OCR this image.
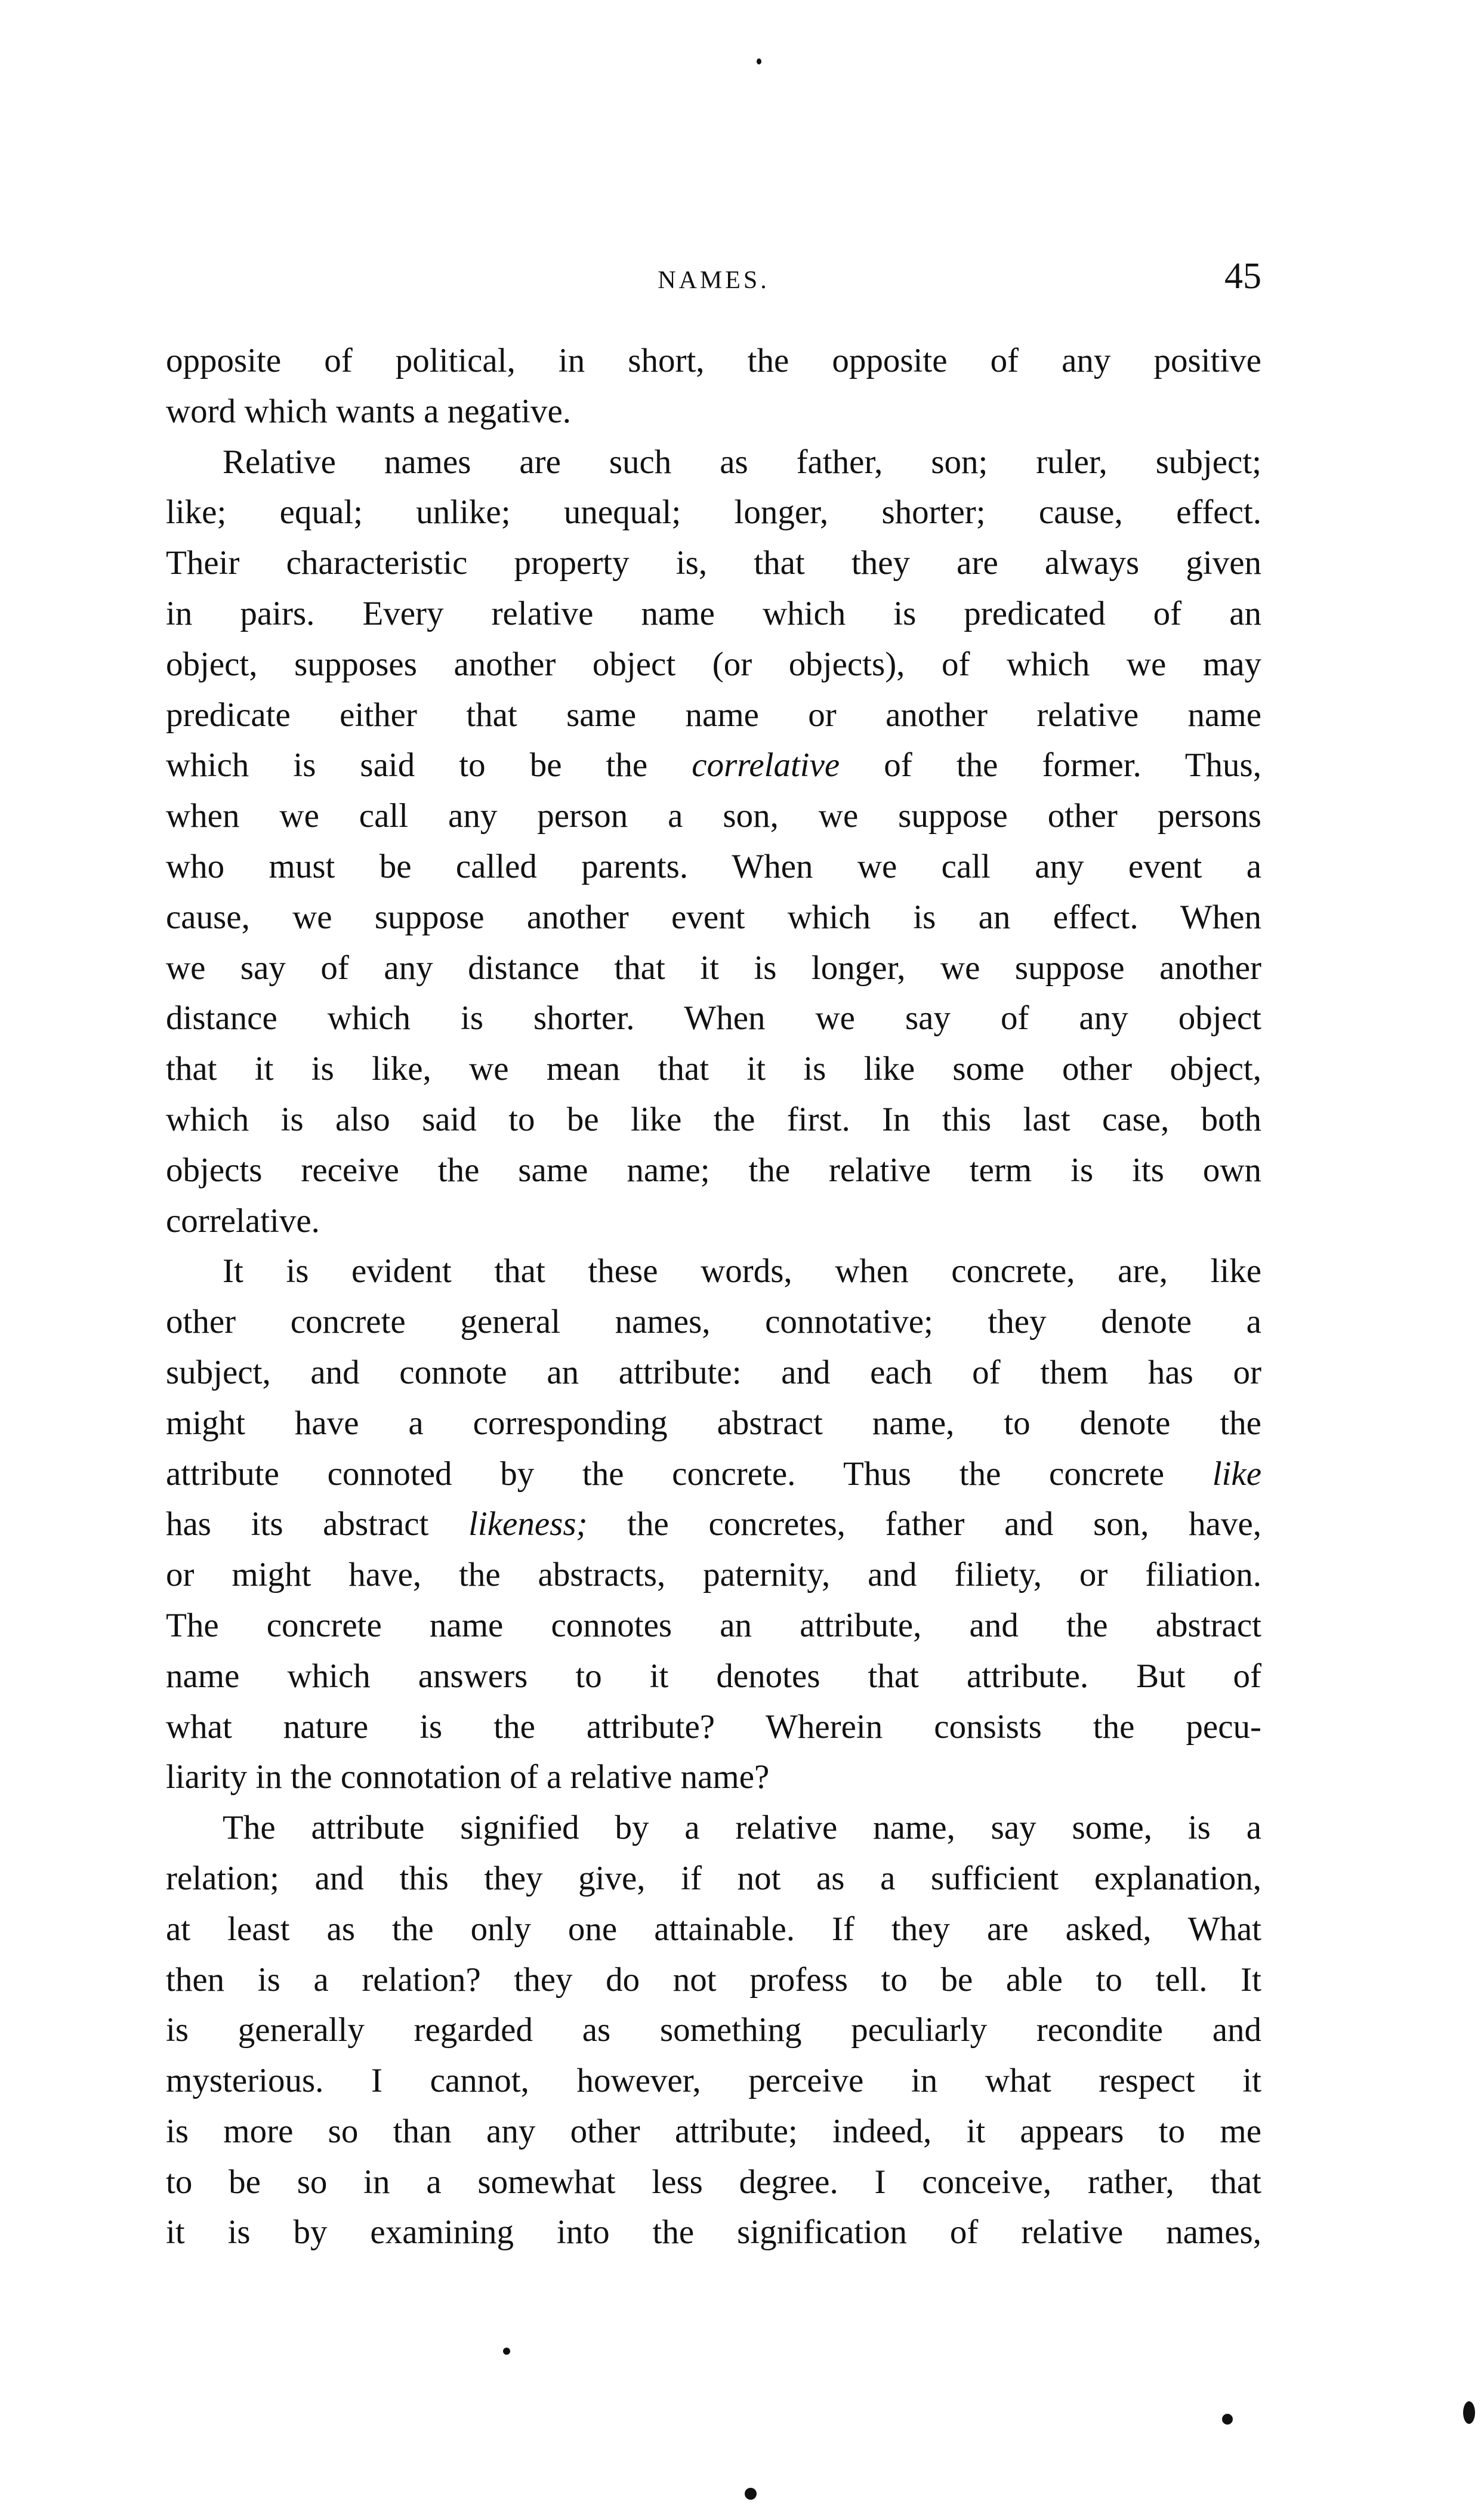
NAMES.	45
opposite of political, in short, the opposite of any positive
word which wants a negative.
Relative names are such as father, son; ruler, subject;
like; equal; unlike; unequal; longer, shorter; cause, effect.
Their characteristic property is, that they are always given
in pairs. Every relative name which is predicated of an
object, supposes another object (or objects), of which we may
predicate either that same name or another relative name
which is said to be the correlative of the former. Thus,
when we call any person a son, we suppose other persons
who must be called parents. When we call any event a
cause, we suppose another event which is an effect. When
we say of any distance that it is longer, we suppose another
distance which is shorter. When we say of any object
that it is like, we mean that it is like some other object,
which is also said to be like the first. In this last case, both
objects receive the same name; the relative term is its own
correlative.
It is evident that these words, when concrete, are, like
other concrete general names, connotative; they denote a
subject, and connote an attribute: and each of them has or
might have a corresponding abstract name, to denote the
attribute connoted by the concrete. Thus the concrete like
has its abstract likeness; the concretes, father and son, have,
or might have, the abstracts, paternity, and filiety, or filiation.
The concrete name connotes an attribute, and the abstract
name which answers to it denotes that attribute. But of
what nature is the attribute? Wherein consists the pecu-
liarity in the connotation of a relative name?
The attribute signified by a relative name, say some, is a
relation; and this they give, if not as a sufficient explanation,
at least as the only one attainable. If they are asked, What
then is a relation? they do not profess to be able to tell. It
is generally regarded as something peculiarly recondite and
mysterious. I cannot, however, perceive in what respect it
is more so than any other attribute; indeed, it appears to me
to be so in a somewhat less degree. I conceive, rather, that
it is by examining into the signification of relative names,
